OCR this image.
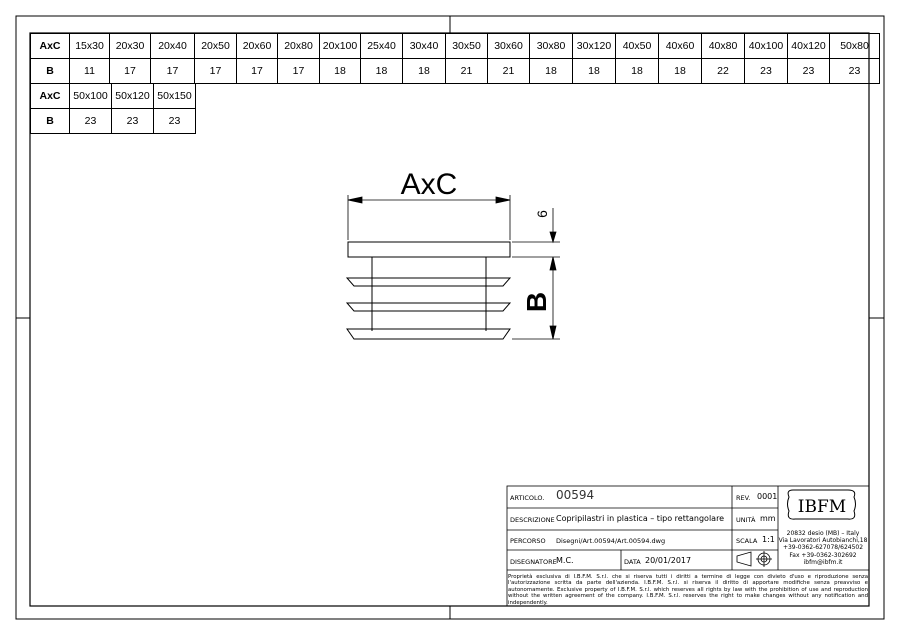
AxC
6
B
IBFM
AxC	15x30	20x30	20x40	20x50	20x60	20x80	20x100	25x40	30x40	30x50	30x60	30x80	30x120	40x50	40x60	40x80	40x100	40x120	50x80
B	11	17	17	17	17	17	18	18	18	21	21	18	18	18	18	22	23	23	23
AxC	50x100	50x120	50x150
B	23	23	23
ARTICOLO. 00594	REV. 0001
DESCRIZIONE Copripilastri in plastica – tipo rettangolare UNITÀ mm
PERCORSO Disegni/Art.00594/Art.00594.dwg	SCALA 1:1
DISEGNATORE M.C.	DATA 20/01/2017
20832 desio (MB) – Italy
Via Lavoratori Autobianchi,18
+39-0362-627078/624502
Fax +39-0362-302692
ibfm@ibfm.it
Proprietà esclusiva di I.B.F.M. S.r.l. che si riserva tutti i diritti a termine di legge con divieto d'uso e riproduzione senza l'autorizzazione scritta da parte dell'azienda. I.B.F.M. S.r.l. si riserva il diritto di apportare modifiche senza preavviso e autonomamente. Exclusive property of I.B.F.M. S.r.l. which reserves all rights by law with the prohibition of use and reproduction without the written agreement of the company. I.B.F.M. S.r.l. reserves the right to make changes without any notification and independently.
